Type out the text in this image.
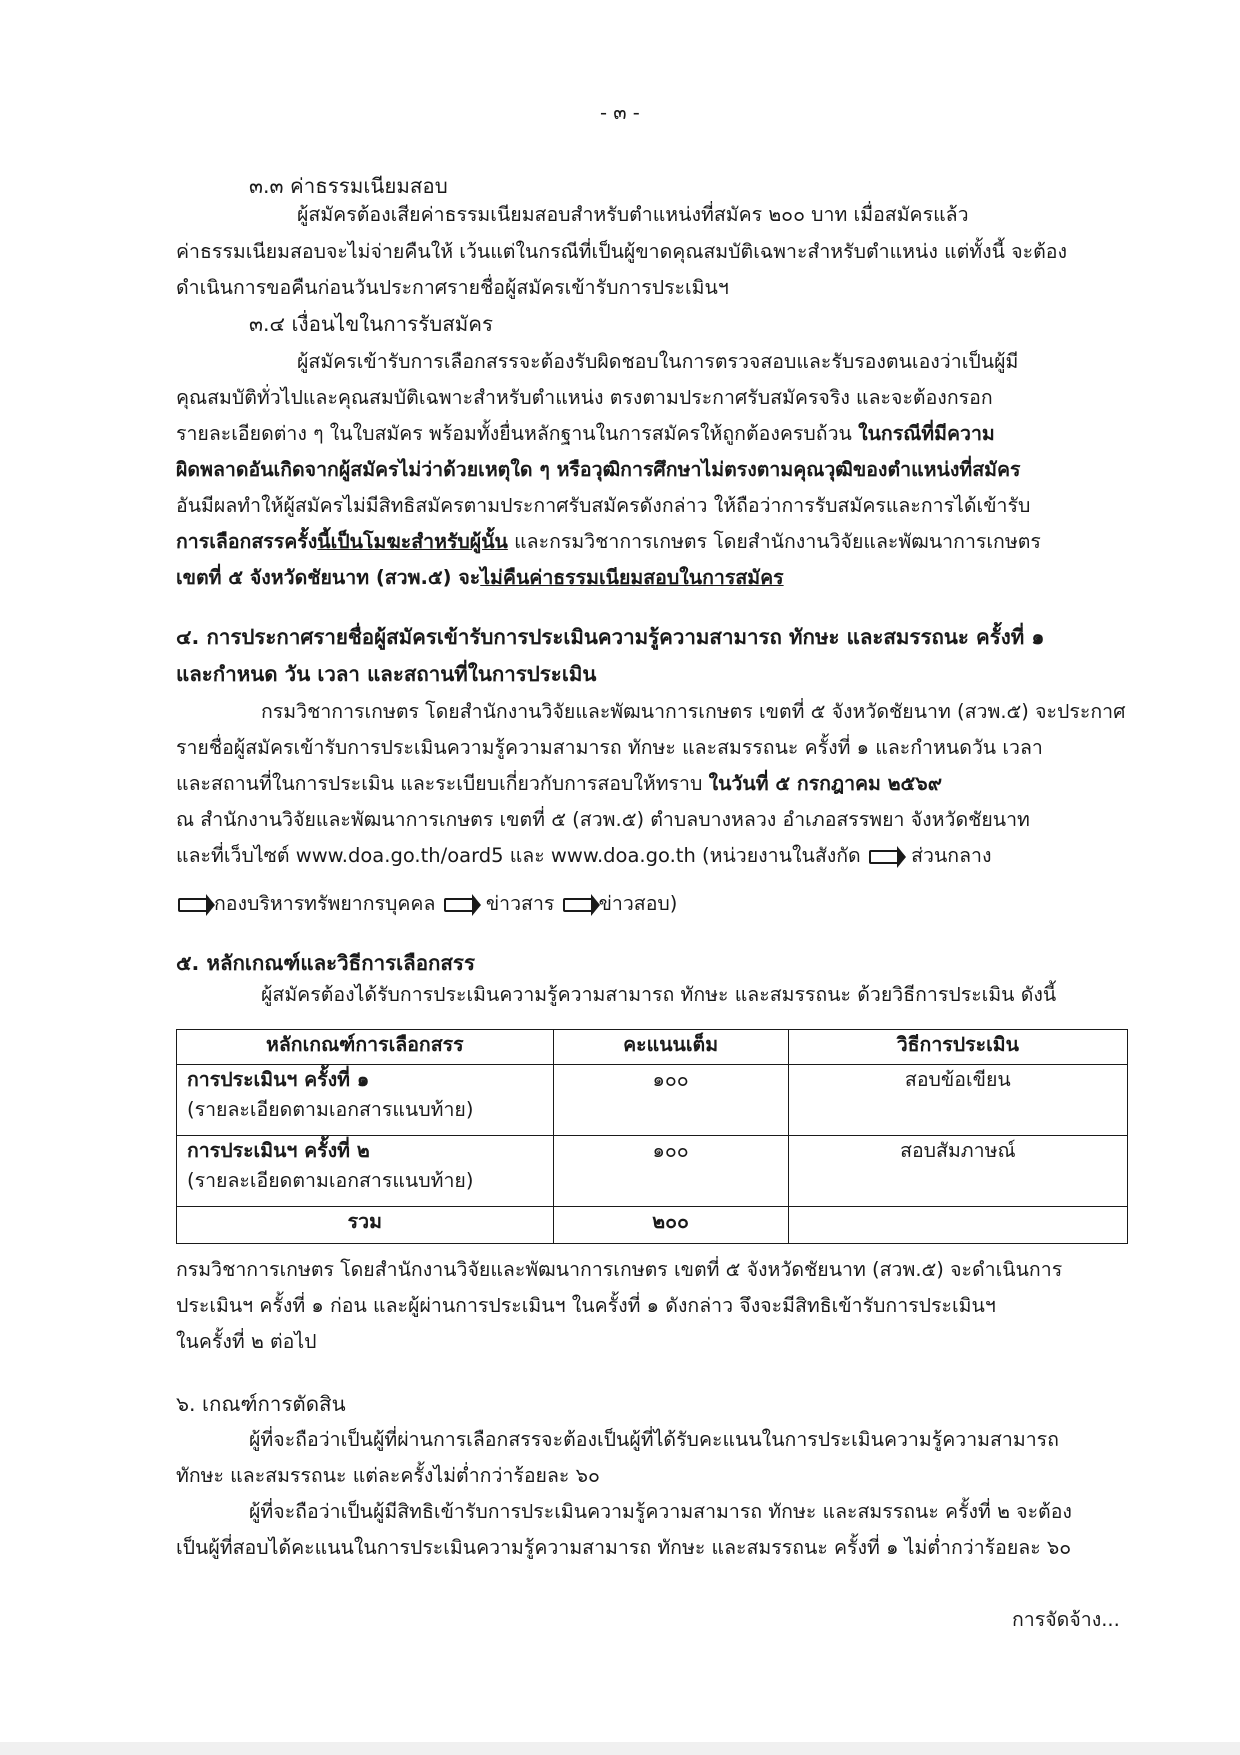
- ๓ -
๓.๓ ค่าธรรมเนียมสอบ
ผู้สมัครต้องเสียค่าธรรมเนียมสอบสำหรับตำแหน่งที่สมัคร ๒๐๐ บาท เมื่อสมัครแล้ว
ค่าธรรมเนียมสอบจะไม่จ่ายคืนให้ เว้นแต่ในกรณีที่เป็นผู้ขาดคุณสมบัติเฉพาะสำหรับตำแหน่ง แต่ทั้งนี้ จะต้อง
ดำเนินการขอคืนก่อนวันประกาศรายชื่อผู้สมัครเข้ารับการประเมินฯ
๓.๔ เงื่อนไขในการรับสมัคร
ผู้สมัครเข้ารับการเลือกสรรจะต้องรับผิดชอบในการตรวจสอบและรับรองตนเองว่าเป็นผู้มี
คุณสมบัติทั่วไปและคุณสมบัติเฉพาะสำหรับตำแหน่ง ตรงตามประกาศรับสมัครจริง และจะต้องกรอก
รายละเอียดต่าง ๆ ในใบสมัคร พร้อมทั้งยื่นหลักฐานในการสมัครให้ถูกต้องครบถ้วน ในกรณีที่มีความ
ผิดพลาดอันเกิดจากผู้สมัครไม่ว่าด้วยเหตุใด ๆ หรือวุฒิการศึกษาไม่ตรงตามคุณวุฒิของตำแหน่งที่สมัคร
อันมีผลทำให้ผู้สมัครไม่มีสิทธิสมัครตามประกาศรับสมัครดังกล่าว ให้ถือว่าการรับสมัครและการได้เข้ารับ
การเลือกสรรครั้งนี้เป็นโมฆะสำหรับผู้นั้น และกรมวิชาการเกษตร โดยสำนักงานวิจัยและพัฒนาการเกษตร
เขตที่ ๕ จังหวัดชัยนาท (สวพ.๕) จะไม่คืนค่าธรรมเนียมสอบในการสมัคร
๔. การประกาศรายชื่อผู้สมัครเข้ารับการประเมินความรู้ความสามารถ ทักษะ และสมรรถนะ ครั้งที่ ๑
และกำหนด วัน เวลา และสถานที่ในการประเมิน
กรมวิชาการเกษตร โดยสำนักงานวิจัยและพัฒนาการเกษตร เขตที่ ๕ จังหวัดชัยนาท (สวพ.๕) จะประกาศ
รายชื่อผู้สมัครเข้ารับการประเมินความรู้ความสามารถ ทักษะ และสมรรถนะ ครั้งที่ ๑ และกำหนดวัน เวลา
และสถานที่ในการประเมิน และระเบียบเกี่ยวกับการสอบให้ทราบ ในวันที่ ๕ กรกฎาคม ๒๕๖๙
ณ สำนักงานวิจัยและพัฒนาการเกษตร เขตที่ ๕ (สวพ.๕) ตำบลบางหลวง อำเภอสรรพยา จังหวัดชัยนาท
และที่เว็บไซต์ www.doa.go.th/oard5 และ www.doa.go.th (หน่วยงานในสังกัด  ส่วนกลาง
กองบริหารทรัพยากรบุคคล  ข่าวสาร ข่าวสอบ)
๕. หลักเกณฑ์และวิธีการเลือกสรร
ผู้สมัครต้องได้รับการประเมินความรู้ความสามารถ ทักษะ และสมรรถนะ ด้วยวิธีการประเมิน ดังนี้
หลักเกณฑ์การเลือกสรร	คะแนนเต็ม	วิธีการประเมิน

การประเมินฯ ครั้งที่ ๑
(รายละเอียดตามเอกสารแนบท้าย)	๑๐๐	สอบข้อเขียน

การประเมินฯ ครั้งที่ ๒
(รายละเอียดตามเอกสารแนบท้าย)	๑๐๐	สอบสัมภาษณ์
รวม	๒๐๐	
กรมวิชาการเกษตร โดยสำนักงานวิจัยและพัฒนาการเกษตร เขตที่ ๕ จังหวัดชัยนาท (สวพ.๕) จะดำเนินการ
ประเมินฯ ครั้งที่ ๑ ก่อน และผู้ผ่านการประเมินฯ ในครั้งที่ ๑ ดังกล่าว จึงจะมีสิทธิเข้ารับการประเมินฯ
ในครั้งที่ ๒ ต่อไป
๖. เกณฑ์การตัดสิน
ผู้ที่จะถือว่าเป็นผู้ที่ผ่านการเลือกสรรจะต้องเป็นผู้ที่ได้รับคะแนนในการประเมินความรู้ความสามารถ
ทักษะ และสมรรถนะ แต่ละครั้งไม่ต่ำกว่าร้อยละ ๖๐
ผู้ที่จะถือว่าเป็นผู้มีสิทธิเข้ารับการประเมินความรู้ความสามารถ ทักษะ และสมรรถนะ ครั้งที่ ๒ จะต้อง
เป็นผู้ที่สอบได้คะแนนในการประเมินความรู้ความสามารถ ทักษะ และสมรรถนะ ครั้งที่ ๑ ไม่ต่ำกว่าร้อยละ ๖๐
การจัดจ้าง...
